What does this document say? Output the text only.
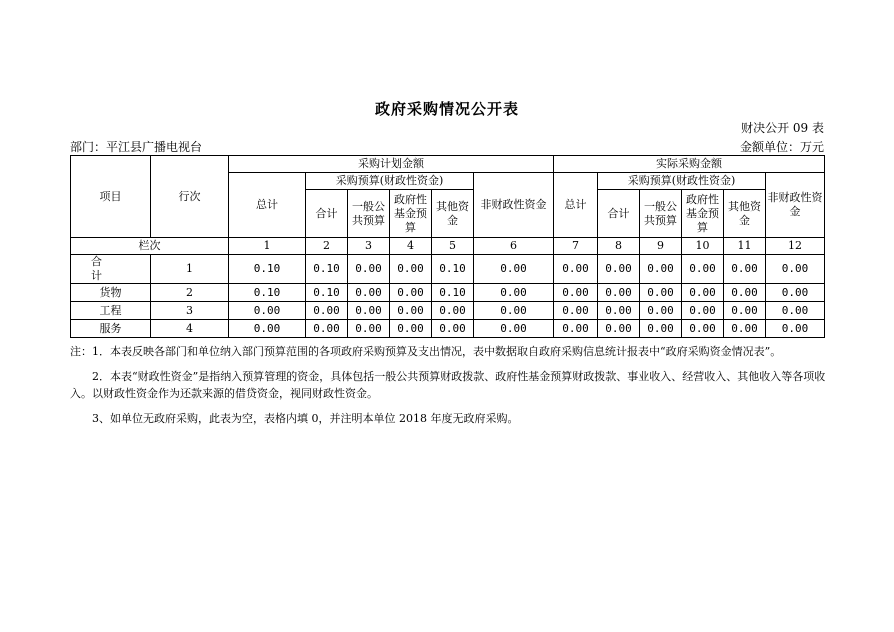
政府采购情况公开表
财决公开 09 表
部门：平江县广播电视台	金额单位：万元
项目	行次	采购计划金额						实际采购金额					
		总计	采购预算(财政性资金)				非财政性资金	总计	采购预算(财政性资金)				非财政性资金
			合计	一般公共预算	政府性基金预算	其他资金			合计	一般公共预算	政府性基金预算	其他资金	
栏次		1	2	3	4	5	6	7	8	9	10	11	12
合计	1	0.10	0.10	0.00	0.00	0.10	0.00	0.00	0.00	0.00	0.00	0.00	0.00
货物	2	0.10	0.10	0.00	0.00	0.10	0.00	0.00	0.00	0.00	0.00	0.00	0.00
工程	3	0.00	0.00	0.00	0.00	0.00	0.00	0.00	0.00	0.00	0.00	0.00	0.00
服务	4	0.00	0.00	0.00	0.00	0.00	0.00	0.00	0.00	0.00	0.00	0.00	0.00

注：1．本表反映各部门和单位纳入部门预算范围的各项政府采购预算及支出情况，表中数据取自政府采购信息统计报表中“政府采购资金情况表”。

2．本表“财政性资金”是指纳入预算管理的资金，具体包括一般公共预算财政拨款、政府性基金预算财政拨款、事业收入、经营收入、其他收入等各项收入。以财政性资金作为还款来源的借贷资金，视同财政性资金。

3、如单位无政府采购，此表为空，表格内填 0，并注明本单位 2018 年度无政府采购。
